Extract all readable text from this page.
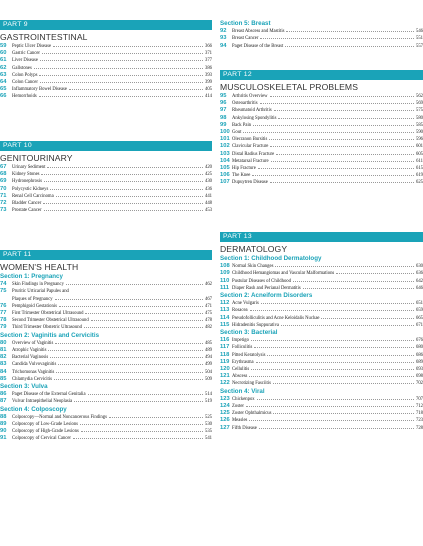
PART 9
GASTROINTESTINAL
59	Peptic Ulcer Disease	366
60	Gastric Cancer	371
61	Liver Disease	377
62	Gallstones	386
63	Colon Polyps	393
64	Colon Cancer	399
65	Inflammatory Bowel Disease	405
66	Hemorrhoids	414
PART 10
GENITOURINARY
67	Urinary Sediment	420
68	Kidney Stones	425
69	Hydronephrosis	430
70	Polycystic Kidneys	436
71	Renal Cell Carcinoma	441
72	Bladder Cancer	448
73	Prostate Cancer	453
PART 11
WOMEN'S HEALTH
Section 1: Pregnancy
74	Skin Findings in Pregnancy	462
75	Pruritic Urticarial Papules and
Plaques of Pregnancy	467
76	Pemphigoid Gestationis	471
77	First Trimester Obstetrical Ultrasound	475
78	Second Trimester Obstetrical Ultrasound	478
79	Third Trimester Obstetric Ultrasound	482
Section 2: Vaginitis and Cervicitis
80	Overview of Vaginitis	485
81	Atrophic Vaginitis	489
82	Bacterial Vaginosis	494
83	Candida Vulvovaginitis	499
84	Trichomonas Vaginitis	504
85	Chlamydia Cervicitis	509
Section 3: Vulva
86	Paget Disease of the External Genitalia	514
87	Vulvar Intraepithelial Neoplasia	519
Section 4: Colposcopy
88	Colposcopy—Normal and Noncancerous Findings	525
89	Colposcopy of Low-Grade Lesions	530
90	Colposcopy of High-Grade Lesions	535
91	Colposcopy of Cervical Cancer	541
Section 5: Breast
92	Breast Abscess and Mastitis	546
93	Breast Cancer	551
94	Paget Disease of the Breast	557
PART 12
MUSCULOSKELETAL PROBLEMS
95	Arthritis Overview	562
96	Osteoarthritis	569
97	Rheumatoid Arthritis	575
98	Ankylosing Spondylitis	580
99	Back Pain	585
100 Gout	590
101 Olecranon Bursitis	596
102 Clavicular Fracture	601
103 Distal Radius Fracture	605
104 Metatarsal Fracture	611
105 Hip Fracture	615
106 The Knee	619
107 Dupuytren Disease	625
PART 13
DERMATOLOGY
Section 1: Childhood Dermatology
108 Normal Skin Changes	630
109 Childhood Hemangiomas and Vascular Malformations	636
110 Pustular Diseases of Childhood	642
111 Diaper Rash and Perianal Dermatitis	646
Section 2: Acneiform Disorders
112 Acne Vulgaris	651
113 Rosacea	659
114 Pseudofolliculitis and Acne Keloidalis Nuchae	665
115 Hidradenitis Suppurativa	671
Section 3: Bacterial
116 Impetigo	676
117 Folliculitis	680
118 Pitted Keratolysis	686
119 Erythrasma	689
120 Cellulitis	693
121 Abscess	698
122 Necrotizing Fasciitis	702
Section 4: Viral
123 Chickenpox	707
124 Zoster	712
125 Zoster Ophthalmicus	718
126 Measles	723
127 Fifth Disease	728
